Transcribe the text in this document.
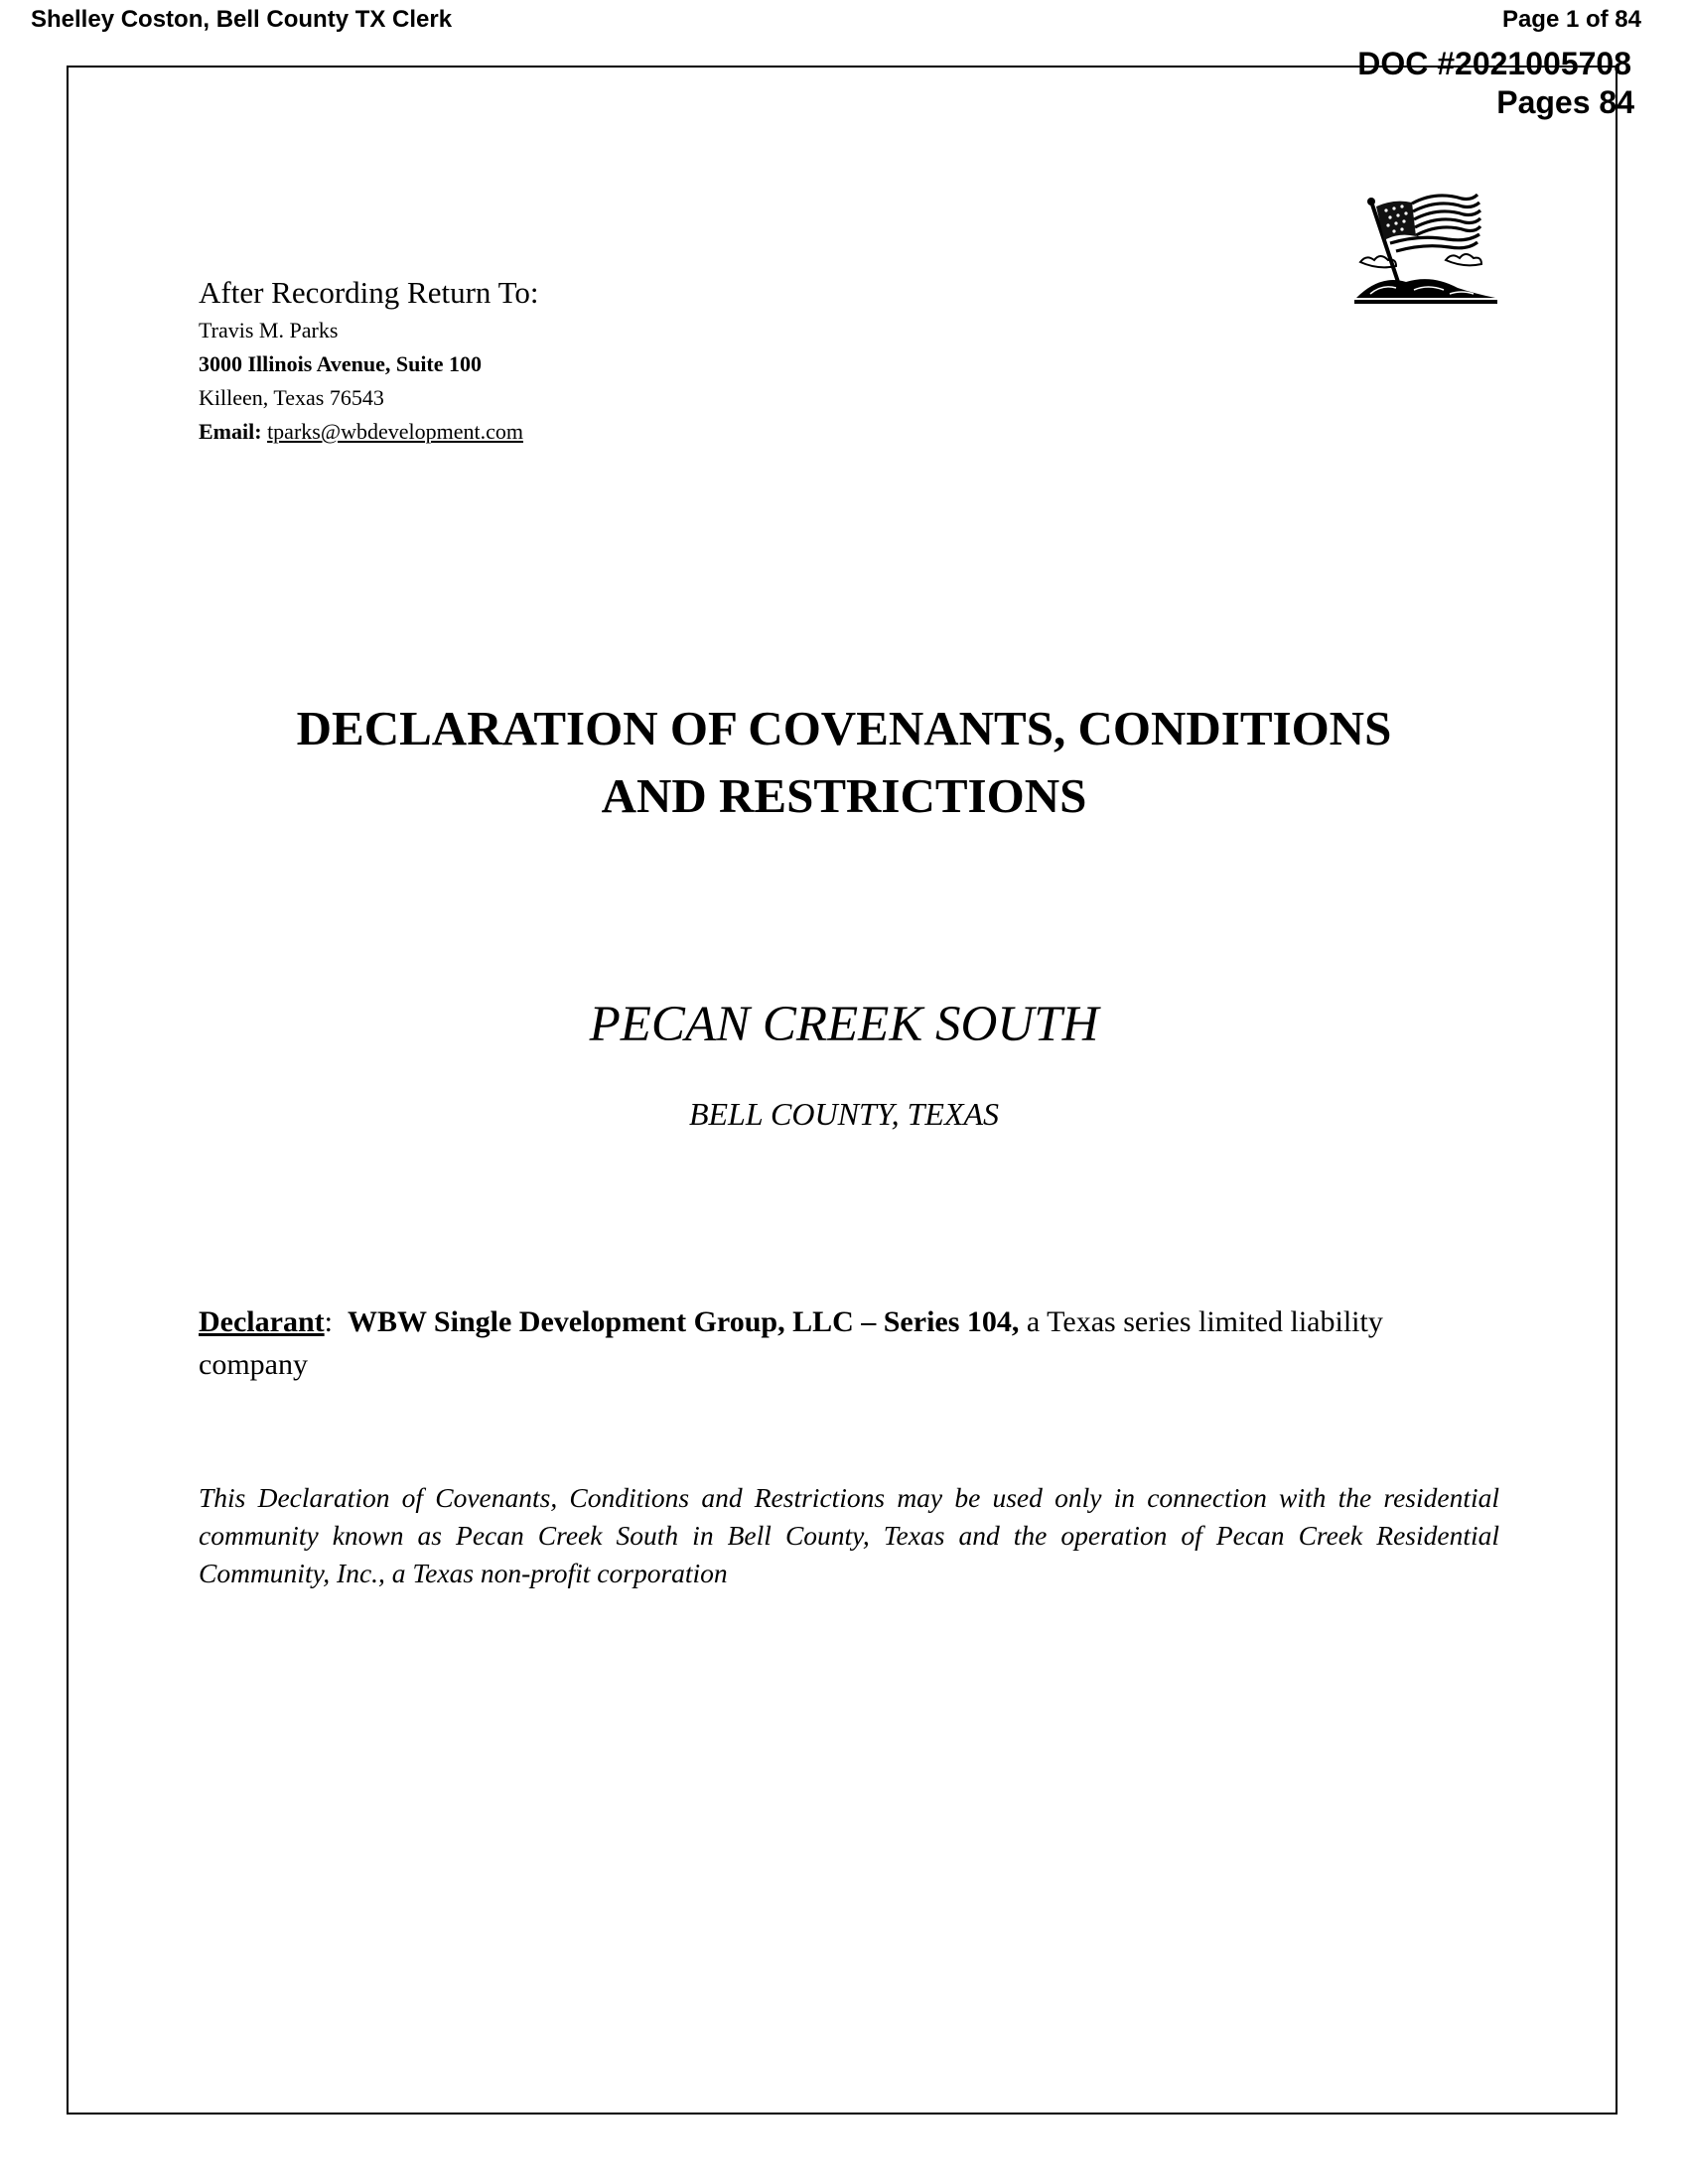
Shelley Coston, Bell County TX Clerk	Page 1 of 84
DOC #2021005708
Pages 84
After Recording Return To:
Travis M. Parks
3000 Illinois Avenue, Suite 100
Killeen, Texas 76543
Email: tparks@wbdevelopment.com
DECLARATION OF COVENANTS, CONDITIONS
AND RESTRICTIONS
PECAN CREEK SOUTH
BELL COUNTY, TEXAS
Declarant:  WBW Single Development Group, LLC – Series 104, a Texas series limited liability company
This Declaration of Covenants, Conditions and Restrictions may be used only in connection with the residential community known as Pecan Creek South in Bell County, Texas and the operation of Pecan Creek Residential Community, Inc., a Texas non-profit corporation
